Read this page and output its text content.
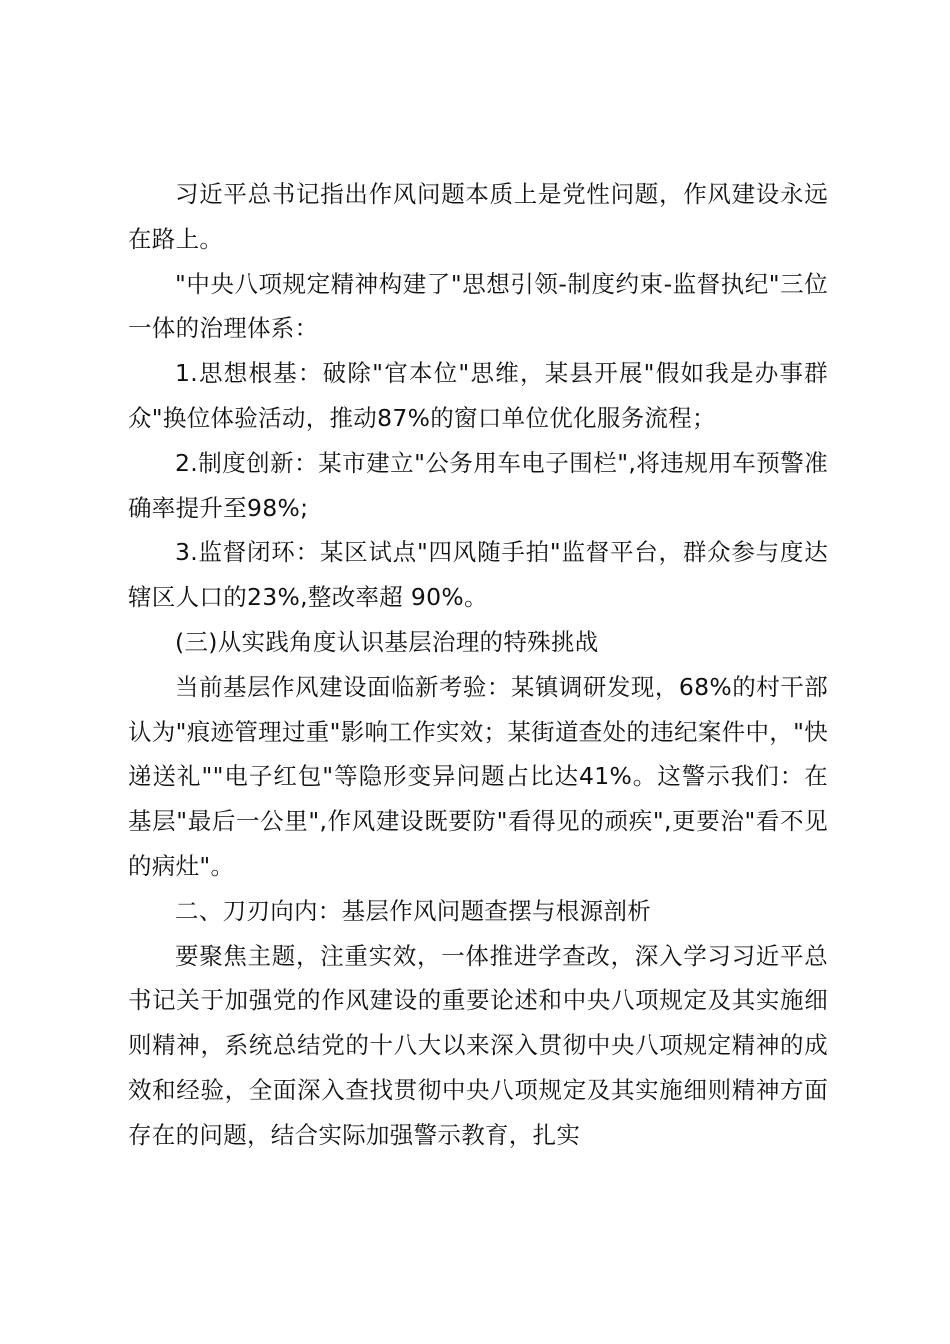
习近平总书记指出作风问题本质上是党性问题，作风建设永远在路上。

"中央八项规定精神构建了"思想引领-制度约束-监督执纪"三位一体的治理体系：

1.思想根基：破除"官本位"思维，某县开展"假如我是办事群众"换位体验活动，推动87%的窗口单位优化服务流程；

2.制度创新：某市建立"公务用车电子围栏",将违规用车预警准确率提升至98%;

3.监督闭环：某区试点"四风随手拍"监督平台，群众参与度达辖区人口的23%,整改率超 90%。

(三)从实践角度认识基层治理的特殊挑战

当前基层作风建设面临新考验：某镇调研发现，68%的村干部认为"痕迹管理过重"影响工作实效；某街道查处的违纪案件中，"快递送礼""电子红包"等隐形变异问题占比达41%。这警示我们：在基层"最后一公里",作风建设既要防"看得见的顽疾",更要治"看不见的病灶"。

二、刀刃向内：基层作风问题查摆与根源剖析

要聚焦主题，注重实效，一体推进学查改，深入学习习近平总书记关于加强党的作风建设的重要论述和中央八项规定及其实施细则精神，系统总结党的十八大以来深入贯彻中央八项规定精神的成效和经验，全面深入查找贯彻中央八项规定及其实施细则精神方面存在的问题，结合实际加强警示教育，扎实
